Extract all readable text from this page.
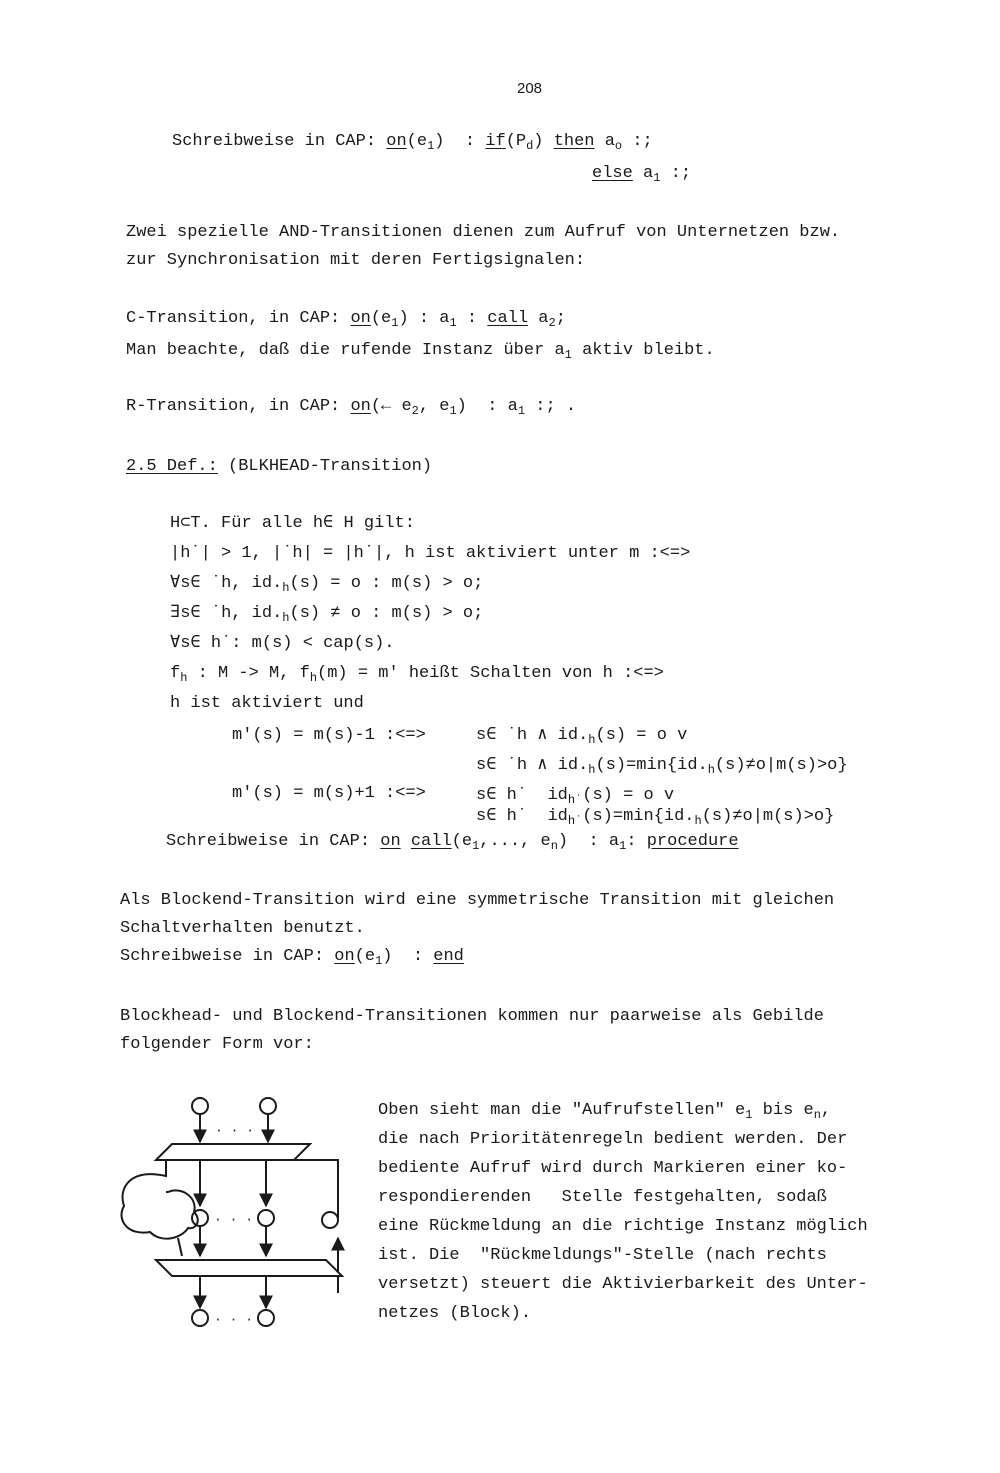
208
Schreibweise in CAP: $on(e_1)$  : $if(P_d)$ then $a_o$ :;
else $a_1$ :;
Zwei spezielle AND-Transitionen dienen zum Aufruf von Unternetzen bzw.
zur Synchronisation mit deren Fertigsignalen:
C-Transition, in CAP: $on(e_1)$ : $a_1$ : call $a_2$;
Man beachte, daß die rufende Instanz über $a_1$ aktiv bleibt.
R-Transition, in CAP: on(← $e_2$, $e_1$)  : $a_1$ :; .
2.5 Def.: (BLKHEAD-Transition)
H⊂T. Für alle h∈ H gilt:
|h˙| > 1, |˙h| = |h˙|, h ist aktiviert unter m :<=>
∀s∈ ˙h, $id._h(s) = o$ : m(s) > o;
∃s∈ ˙h, $id._h(s) \ne o$ : m(s) > o;
∀s∈ h˙: m(s) < cap(s).
$f_h$ : M -> M, $f_h(m) = m'$ heißt Schalten von h :<=>
h ist aktiviert und
m'(s) = m(s)-1 :<=>	s∈ ˙h ∧ $id._h(s) = o$ v
s∈ ˙h ∧ $id._h(s)=\min\{id._h(s)\ne o|m(s)>o\}$
m'(s) = m(s)+1 :<=>	s∈ h˙  $id_{h˙}(s) = o$ v
s∈ h˙  $id_{h˙}(s)=\min\{id._h(s)\ne o|m(s)>o\}$
Schreibweise in CAP: on $call(e_1$,..., $e_n$)  : $a_1$: procedure
Als Blockend-Transition wird eine symmetrische Transition mit gleichen
Schaltverhalten benutzt.
Schreibweise in CAP: $on(e_1)$  : end
Blockhead- und Blockend-Transitionen kommen nur paarweise als Gebilde
folgender Form vor:
· · ·
· · ·
· · ·
Oben sieht man die "Aufrufstellen" $e_1$ bis $e_n$,
die nach Prioritätenregeln bedient werden. Der
bediente Aufruf wird durch Markieren einer ko-
respondierenden   Stelle festgehalten, sodaß
eine Rückmeldung an die richtige Instanz möglich
ist. Die  "Rückmeldungs"-Stelle (nach rechts
versetzt) steuert die Aktivierbarkeit des Unter-
netzes (Block).
